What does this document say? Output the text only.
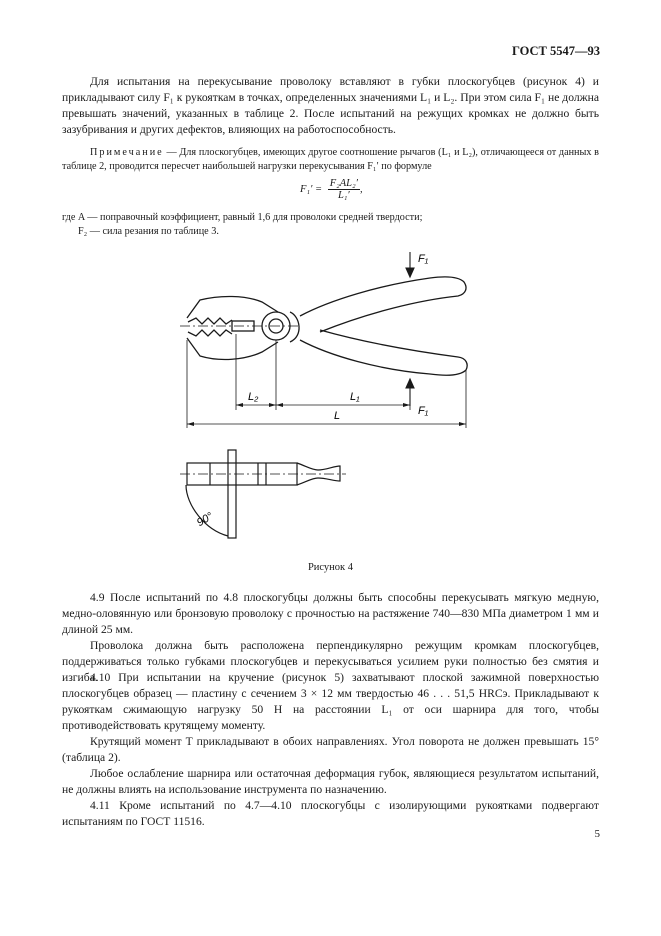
ГОСТ 5547—93

Для испытания на перекусывание проволоку вставляют в губки плоскогубцев (рисунок 4) и прикладывают силу F₁ к рукояткам в точках, определенных значениями L₁ и L₂. При этом сила F₁ не должна превышать значений, указанных в таблице 2. После испытаний на режущих кромках не должно быть зазубривания и других дефектов, влияющих на работоспособность.

Примечание — Для плоскогубцев, имеющих другое соотношение рычагов (L₁ и L₂), отличающееся от данных в таблице 2, проводится пересчет наибольшей нагрузки перекусывания F₁′ по формуле

$F_1' = \frac{\text{F₂AL₂′}}{\text{L₁′}}$ ,

где A — поправочный коэффициент, равный 1,6 для проволоки средней твердости;

F₂ — сила резания по таблице 3.

F₁
F₁
L₂	L₁
L
90°
Рисунок 4

4.9 После испытаний по 4.8 плоскогубцы должны быть способны перекусывать мягкую медную, медно-оловянную или бронзовую проволоку с прочностью на растяжение 740—830 МПа диаметром 1 мм и длиной 25 мм.

Проволока должна быть расположена перпендикулярно режущим кромкам плоскогубцев, поддерживаться только губками плоскогубцев и перекусываться усилием руки полностью без смятия и изгиба.

4.10 При испытании на кручение (рисунок 5) захватывают плоской зажимной поверхностью плоскогубцев образец — пластину с сечением 3 × 12 мм твердостью 46 . . . 51,5 HRCэ. Прикладывают к рукояткам сжимающую нагрузку 50 Н на расстоянии L₁ от оси шарнира для того, чтобы противодействовать крутящему моменту.

Крутящий момент T прикладывают в обоих направлениях. Угол поворота не должен превышать 15° (таблица 2).

Любое ослабление шарнира или остаточная деформация губок, являющиеся результатом испытаний, не должны влиять на использование инструмента по назначению.

4.11 Кроме испытаний по 4.7—4.10 плоскогубцы с изолирующими рукоятками подвергают испытаниям по ГОСТ 11516.

5
